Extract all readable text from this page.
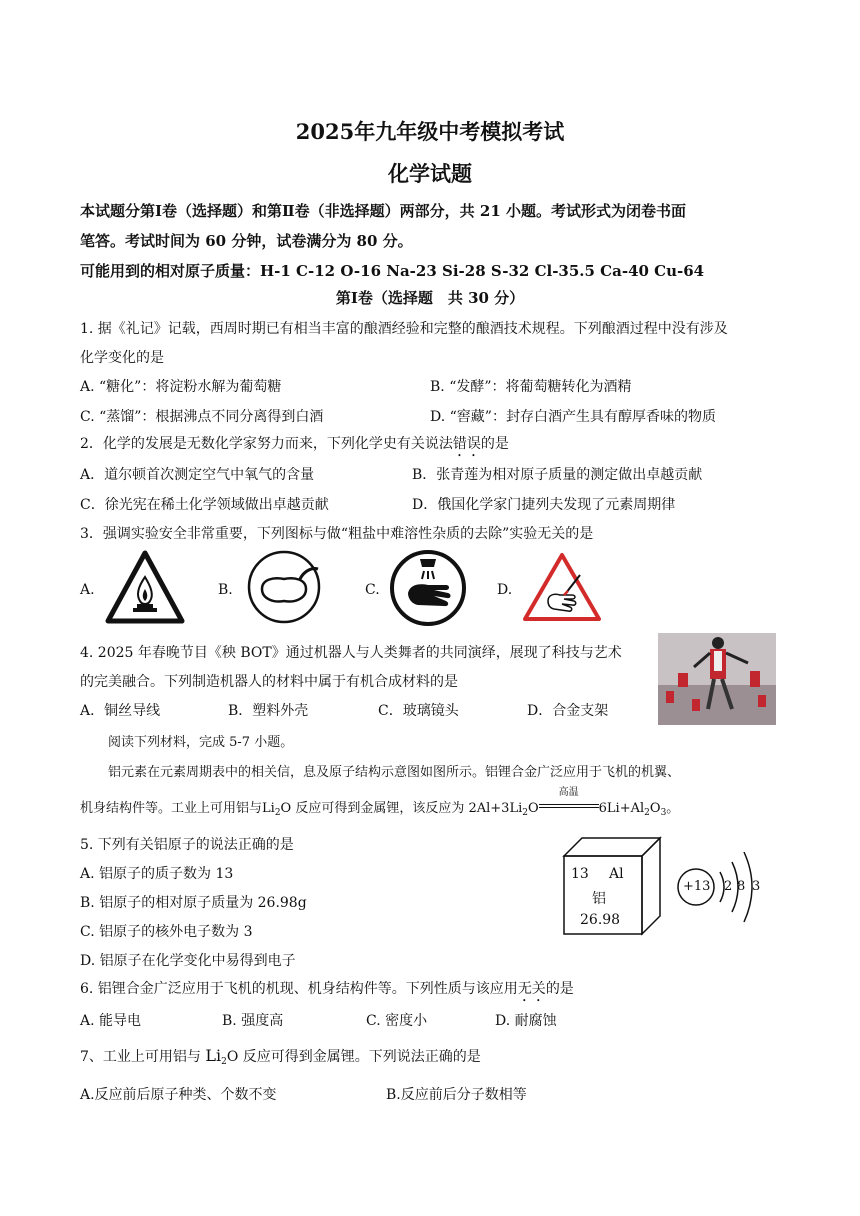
2025年九年级中考模拟考试
化学试题
本试题分第Ⅰ卷（选择题）和第Ⅱ卷（非选择题）两部分，共 21 小题。考试形式为闭卷书面
笔答。考试时间为 60 分钟，试卷满分为 80 分。
可能用到的相对原子质量：H-1 C-12 O-16 Na-23 Si-28 S-32 Cl-35.5 Ca-40 Cu-64
第Ⅰ卷（选择题　共 30 分）
1. 据《礼记》记载，西周时期已有相当丰富的酿酒经验和完整的酿酒技术规程。下列酿酒过程中没有涉及
化学变化的是
A. “糖化”：将淀粉水解为葡萄糖	B. “发酵”：将葡萄糖转化为酒精
C. “蒸馏”：根据沸点不同分离得到白酒	D. “窖藏”：封存白酒产生具有醇厚香味的物质
2．化学的发展是无数化学家努力而来，下列化学史有关说法错误的是
A．道尔顿首次测定空气中氧气的含量	B．张青莲为相对原子质量的测定做出卓越贡献
C．徐光宪在稀土化学领域做出卓越贡献	D．俄国化学家门捷列夫发现了元素周期律
3．强调实验安全非常重要，下列图标与做“粗盐中难溶性杂质的去除”实验无关的是
A.	B.	C.	D.
4. 2025 年春晚节目《秧 BOT》通过机器人与人类舞者的共同演绎，展现了科技与艺术
的完美融合。下列制造机器人的材料中属于有机合成材料的是
A．铜丝导线	B．塑料外壳	C．玻璃镜头	D．合金支架
阅读下列材料，完成 5-7 小题。
铝元素在元素周期表中的相关信，息及原子结构示意图如图所示。铝锂合金广泛应用于飞机的机翼、
机身结构件等。工业上可用铝与$Li_2O$ 反应可得到金属锂，该反应为 $2Al+3Li_2O$
高温
$6Li+Al_2O_3$。
5. 下列有关铝原子的说法正确的是
A. 铝原子的质子数为 13
B. 铝原子的相对原子质量为 26.98g
C. 铝原子的核外电子数为 3
D. 铝原子在化学变化中易得到电子
13 Al
铝
26.98
+13 2 8 3
6. 铝锂合金广泛应用于飞机的机现、机身结构件等。下列性质与该应用无关的是
A. 能导电	B. 强度高	C. 密度小	D. 耐腐蚀
7、工业上可用铝与 $Li_2O$ 反应可得到金属锂。下列说法正确的是
A.反应前后原子种类、个数不变	B.反应前后分子数相等
